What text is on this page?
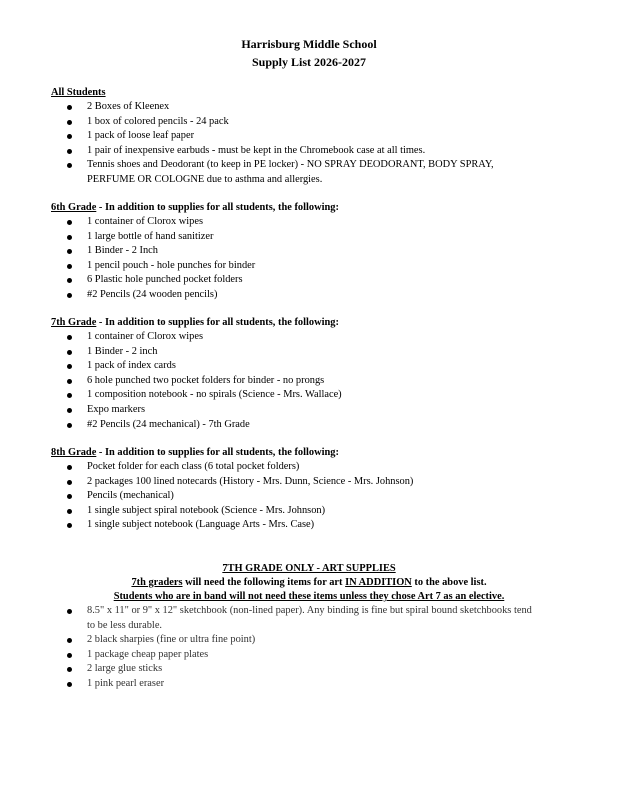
Harrisburg Middle School
Supply List 2026-2027
All Students
2 Boxes of Kleenex
1 box of colored pencils - 24 pack
1 pack of loose leaf paper
1 pair of inexpensive earbuds - must be kept in the Chromebook case at all times.
Tennis shoes and Deodorant (to keep in PE locker) - NO SPRAY DEODORANT, BODY SPRAY, PERFUME OR COLOGNE due to asthma and allergies.
6th Grade - In addition to supplies for all students, the following:
1 container of Clorox wipes
1 large bottle of hand sanitizer
1 Binder - 2 Inch
1 pencil pouch - hole punches for binder
6 Plastic hole punched pocket folders
#2 Pencils (24 wooden pencils)
7th Grade - In addition to supplies for all students, the following:
1 container of Clorox wipes
1 Binder - 2 inch
1 pack of index cards
6 hole punched two pocket folders for binder - no prongs
1 composition notebook - no spirals (Science - Mrs. Wallace)
Expo markers
#2 Pencils (24 mechanical) - 7th Grade
8th Grade - In addition to supplies for all students, the following:
Pocket folder for each class (6 total pocket folders)
2 packages 100 lined notecards (History - Mrs. Dunn, Science - Mrs. Johnson)
Pencils (mechanical)
1 single subject spiral notebook (Science - Mrs. Johnson)
1 single subject notebook (Language Arts - Mrs. Case)
7TH GRADE ONLY - ART SUPPLIES
7th graders will need the following items for art IN ADDITION to the above list.
Students who are in band will not need these items unless they chose Art 7 as an elective.
8.5" x 11" or 9" x 12" sketchbook (non-lined paper). Any binding is fine but spiral bound sketchbooks tend to be less durable.
2 black sharpies (fine or ultra fine point)
1 package cheap paper plates
2 large glue sticks
1 pink pearl eraser
